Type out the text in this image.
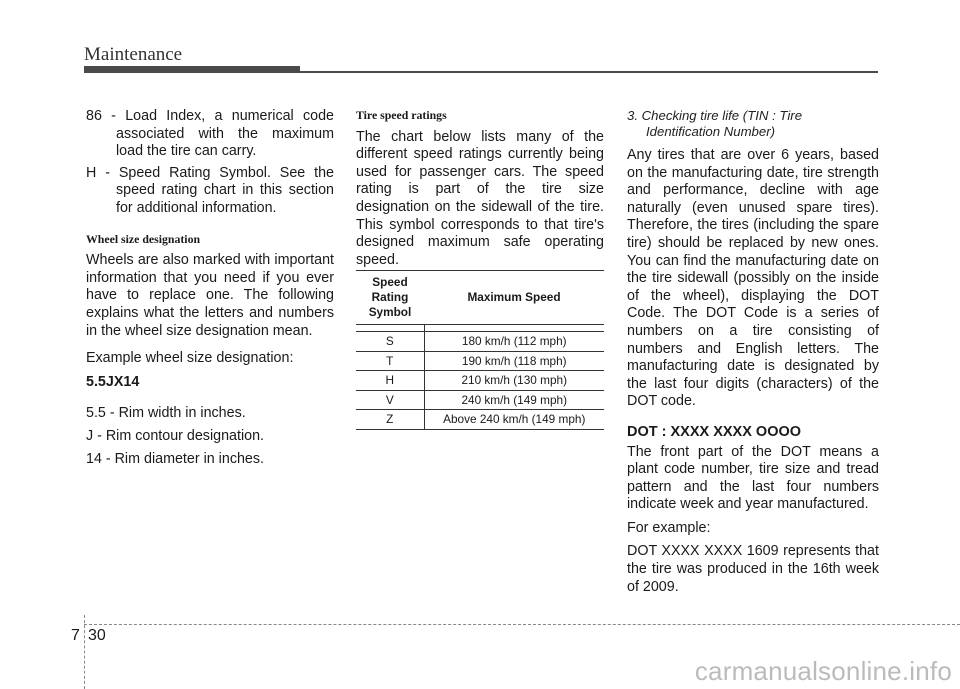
Maintenance
86 - Load Index, a numerical code associated with the maximum load the tire can carry.
H - Speed Rating Symbol. See the speed rating chart in this section for additional information.
Wheel size designation
Wheels are also marked with important information that you need if you ever have to replace one. The following explains what the letters and numbers in the wheel size designation mean.
Example wheel size designation:
5.5JX14
5.5 - Rim width in inches.
J - Rim contour designation.
14 - Rim diameter in inches.
Tire speed ratings
The chart below lists many of the different speed ratings currently being used for passenger cars. The speed rating is part of the tire size designation on the sidewall of the tire. This symbol corresponds to that tire's designed maximum safe operating speed.
Speed Rating Symbol	Maximum Speed

S	180 km/h (112 mph)
T	190 km/h (118 mph)
H	210 km/h (130 mph)
V	240 km/h (149 mph)
Z	Above 240 km/h (149 mph)
3. Checking tire life (TIN : Tire Identification Number)
Any tires that are over 6 years, based on the manufacturing date, tire strength and performance, decline with age naturally (even unused spare tires). Therefore, the tires (including the spare tire) should be replaced by new ones. You can find the manufacturing date on the tire sidewall (possibly on the inside of the wheel), displaying the DOT Code. The DOT Code is a series of numbers on a tire consisting of numbers and English letters. The manufacturing date is designated by the last four digits (characters) of the DOT code.
DOT : XXXX XXXX OOOO
The front part of the DOT means a plant code number, tire size and tread pattern and the last four numbers indicate week and year manufactured.
For example:
DOT XXXX XXXX 1609 represents that the tire was produced in the 16th week of 2009.
7 30
carmanualsonline.info
